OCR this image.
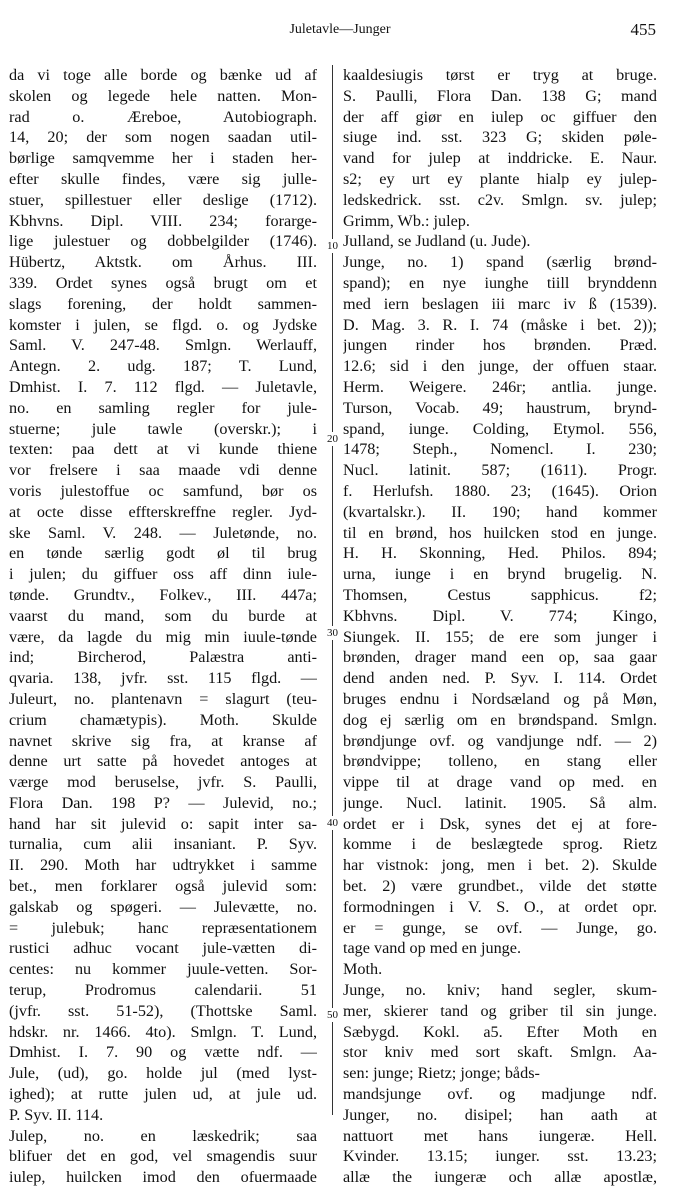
Juletavle—Junger	455
da vi toge alle borde og bænke ud af
skolen og legede hele natten. Mon-
rad o. Æreboe, Autobiograph.
14, 20; der som nogen saadan util-
børlige samqvemme her i staden her-
efter skulle findes, være sig julle-
stuer, spillestuer eller deslige (1712).
Kbhvns. Dipl. VIII. 234; forarge-
lige julestuer og dobbelgilder (1746).
Hübertz, Aktstk. om Århus. III.
339. Ordet synes også brugt om et
slags forening, der holdt sammen-
komster i julen, se flgd. o. og Jydske
Saml. V. 247-48. Smlgn. Werlauff,
Antegn. 2. udg. 187; T. Lund,
Dmhist. I. 7. 112 flgd. — Juletavle,
no. en samling regler for jule-
stuerne; jule tawle (overskr.); i
texten: paa dett at vi kunde thiene
vor frelsere i saa maade vdi denne
voris julestoffue oc samfund, bør os
at octe disse effterskreffne regler. Jyd-
ske Saml. V. 248. — Juletønde, no.
en tønde særlig godt øl til brug
i julen; du giffuer oss aff dinn iule-
tønde. Grundtv., Folkev., III. 447a;
vaarst du mand, som du burde at
være, da lagde du mig min iuule-tønde
ind; Bircherod, Palæstra anti-
qvaria. 138, jvfr. sst. 115 flgd. —
Juleurt, no. plantenavn = slagurt (teu-
crium chamætypis). Moth. Skulde
navnet skrive sig fra, at kranse af
denne urt satte på hovedet antoges at
værge mod beruselse, jvfr. S. Paulli,
Flora Dan. 198 P? — Julevid, no.;
hand har sit julevid o: sapit inter sa-
turnalia, cum alii insaniant. P. Syv.
II. 290. Moth har udtrykket i samme
bet., men forklarer også julevid som:
galskab og spøgeri. — Julevætte, no.
= julebuk; hanc repræsentationem
rustici adhuc vocant jule-vætten di-
centes: nu kommer juule-vetten. Sor-
terup, Prodromus calendarii. 51
(jvfr. sst. 51-52), (Thottske Saml.
hdskr. nr. 1466. 4to). Smlgn. T. Lund,
Dmhist. I. 7. 90 og vætte ndf. —
Jule, (ud), go. holde jul (med lyst-
ighed); at rutte julen ud, at jule ud.
P. Syv. II. 114.
Julep, no. en læskedrik; saa
blifuer det en god, vel smagendis suur
iulep, huilcken imod den ofuermaade
kaaldesiugis tørst er tryg at bruge.
S. Paulli, Flora Dan. 138 G; mand
der aff giør en iulep oc giffuer den
siuge ind. sst. 323 G; skiden pøle-
vand for julep at inddricke. E. Naur.
s2; ey urt ey plante hialp ey julep-
ledskedrick. sst. c2v. Smlgn. sv. julep;
Grimm, Wb.: julep.
Julland, se Judland (u. Jude).
Junge, no. 1) spand (særlig brønd-
spand); en nye iunghe tiill brynddenn
med iern beslagen iii marc iv ß (1539).
D. Mag. 3. R. I. 74 (måske i bet. 2));
jungen rinder hos brønden. Præd.
12.6; sid i den junge, der offuen staar.
Herm. Weigere. 246r; antlia. junge.
Turson, Vocab. 49; haustrum, brynd-
spand, iunge. Colding, Etymol. 556,
1478; Steph., Nomencl. I. 230;
Nucl. latinit. 587; (1611). Progr.
f. Herlufsh. 1880. 23; (1645). Orion
(kvartalskr.). II. 190; hand kommer
til en brønd, hos huilcken stod en junge.
H. H. Skonning, Hed. Philos. 894;
urna, iunge i en brynd brugelig. N.
Thomsen, Cestus sapphicus. f2;
Kbhvns. Dipl. V. 774; Kingo,
Siungek. II. 155; de ere som junger i
brønden, drager mand een op, saa gaar
dend anden ned. P. Syv. I. 114. Ordet
bruges endnu i Nordsæland og på Møn,
dog ej særlig om en brøndspand. Smlgn.
brøndjunge ovf. og vandjunge ndf. — 2)
brøndvippe; tolleno, en stang eller
vippe til at drage vand op med. en
junge. Nucl. latinit. 1905. Så alm.
ordet er i Dsk, synes det ej at fore-
komme i de beslægtede sprog. Rietz
har vistnok: jong, men i bet. 2). Skulde
bet. 2) være grundbet., vilde det støtte
formodningen i V. S. O., at ordet opr.
er = gunge, se ovf. — Junge, go.
tage vand op med en junge.
Moth.
Junge, no. kniv; hand segler, skum-
mer, skierer tand og griber til sin junge.
Sæbygd. Kokl. a5. Efter Moth en
stor kniv med sort skaft. Smlgn. Aa-
sen: junge; Rietz; jonge; båds-
mandsjunge ovf. og madjunge ndf.
Junger, no. disipel; han aath at
nattuort met hans iungeræ. Hell.
Kvinder. 13.15; iunger. sst. 13.23;
allæ the iungeræ och allæ apostlæ,
10
20
30
40
50
